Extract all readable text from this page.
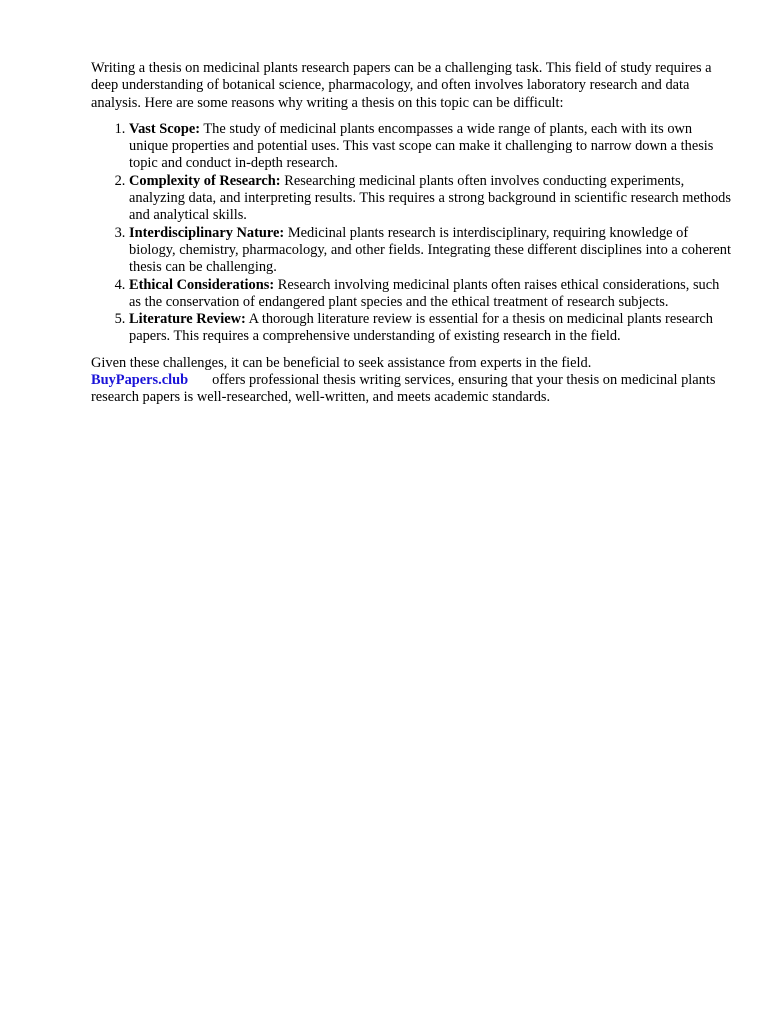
Writing a thesis on medicinal plants research papers can be a challenging task. This field of study requires a deep understanding of botanical science, pharmacology, and often involves laboratory research and data analysis. Here are some reasons why writing a thesis on this topic can be difficult:

1. Vast Scope: The study of medicinal plants encompasses a wide range of plants, each with its own unique properties and potential uses. This vast scope can make it challenging to narrow down a thesis topic and conduct in-depth research.
2. Complexity of Research: Researching medicinal plants often involves conducting experiments, analyzing data, and interpreting results. This requires a strong background in scientific research methods and analytical skills.
3. Interdisciplinary Nature: Medicinal plants research is interdisciplinary, requiring knowledge of biology, chemistry, pharmacology, and other fields. Integrating these different disciplines into a coherent thesis can be challenging.
4. Ethical Considerations: Research involving medicinal plants often raises ethical considerations, such as the conservation of endangered plant species and the ethical treatment of research subjects.
5. Literature Review: A thorough literature review is essential for a thesis on medicinal plants research papers. This requires a comprehensive understanding of existing research in the field.

Given these challenges, it can be beneficial to seek assistance from experts in the field.
BuyPapers.club offers professional thesis writing services, ensuring that your thesis on medicinal plants research papers is well-researched, well-written, and meets academic standards.
